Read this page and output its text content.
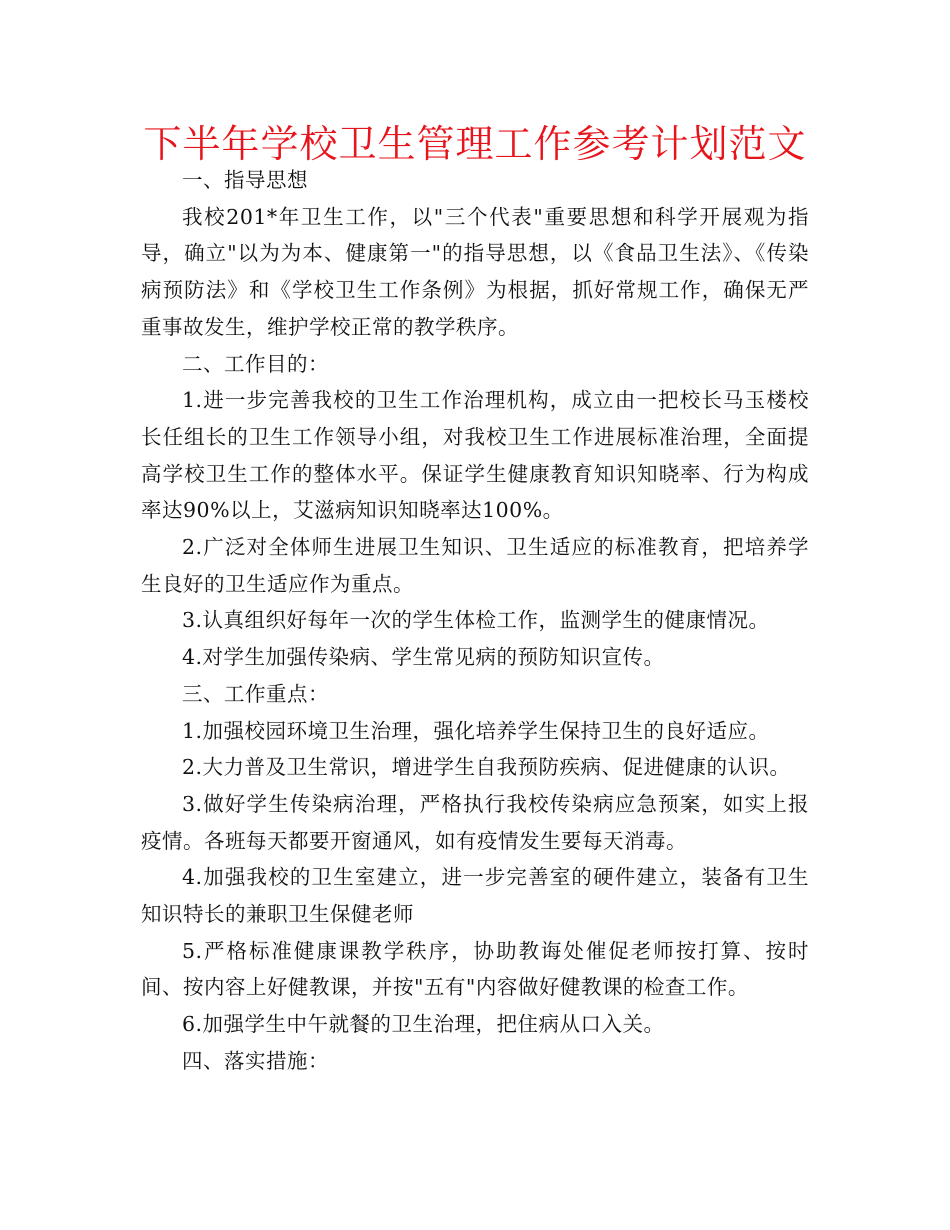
下半年学校卫生管理工作参考计划范文

一、指导思想

我校201*年卫生工作，以"三个代表"重要思想和科学开展观为指导，确立"以为为本、健康第一"的指导思想，以《食品卫生法》、《传染病预防法》和《学校卫生工作条例》为根据，抓好常规工作，确保无严重事故发生，维护学校正常的教学秩序。

二、工作目的：

1.进一步完善我校的卫生工作治理机构，成立由一把校长马玉楼校长任组长的卫生工作领导小组，对我校卫生工作进展标准治理，全面提高学校卫生工作的整体水平。保证学生健康教育知识知晓率、行为构成率达90%以上，艾滋病知识知晓率达100%。

2.广泛对全体师生进展卫生知识、卫生适应的标准教育，把培养学生良好的卫生适应作为重点。

3.认真组织好每年一次的学生体检工作，监测学生的健康情况。

4.对学生加强传染病、学生常见病的预防知识宣传。

三、工作重点：

1.加强校园环境卫生治理，强化培养学生保持卫生的良好适应。

2.大力普及卫生常识，增进学生自我预防疾病、促进健康的认识。

3.做好学生传染病治理，严格执行我校传染病应急预案，如实上报疫情。各班每天都要开窗通风，如有疫情发生要每天消毒。

4.加强我校的卫生室建立，进一步完善室的硬件建立，装备有卫生知识特长的兼职卫生保健老师

5.严格标准健康课教学秩序，协助教诲处催促老师按打算、按时间、按内容上好健教课，并按"五有"内容做好健教课的检查工作。

6.加强学生中午就餐的卫生治理，把住病从口入关。

四、落实措施：
